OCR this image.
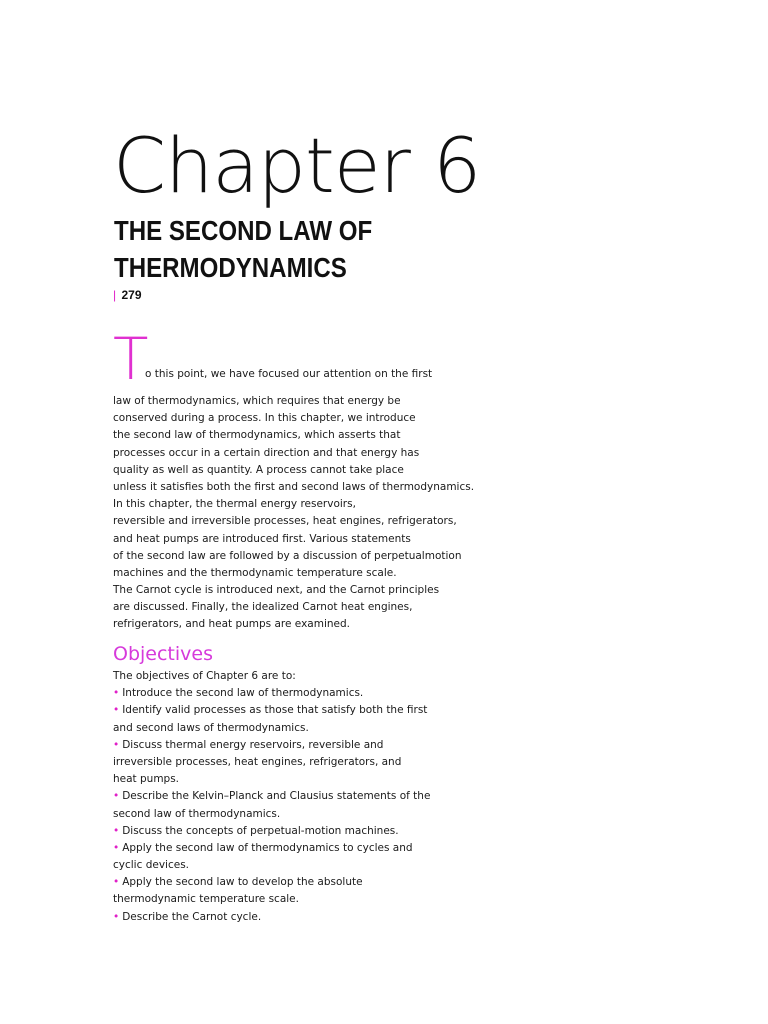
Chapter 6
THE SECOND LAW OF
THERMODYNAMICS
| 279
T
o this point, we have focused our attention on the first
law of thermodynamics, which requires that energy be
conserved during a process. In this chapter, we introduce
the second law of thermodynamics, which asserts that
processes occur in a certain direction and that energy has
quality as well as quantity. A process cannot take place
unless it satisfies both the first and second laws of thermodynamics.
In this chapter, the thermal energy reservoirs,
reversible and irreversible processes, heat engines, refrigerators,
and heat pumps are introduced first. Various statements
of the second law are followed by a discussion of perpetualmotion
machines and the thermodynamic temperature scale.
The Carnot cycle is introduced next, and the Carnot principles
are discussed. Finally, the idealized Carnot heat engines,
refrigerators, and heat pumps are examined.
Objectives
The objectives of Chapter 6 are to:
• Introduce the second law of thermodynamics.
• Identify valid processes as those that satisfy both the first
and second laws of thermodynamics.
• Discuss thermal energy reservoirs, reversible and
irreversible processes, heat engines, refrigerators, and
heat pumps.
• Describe the Kelvin–Planck and Clausius statements of the
second law of thermodynamics.
• Discuss the concepts of perpetual-motion machines.
• Apply the second law of thermodynamics to cycles and
cyclic devices.
• Apply the second law to develop the absolute
thermodynamic temperature scale.
• Describe the Carnot cycle.
